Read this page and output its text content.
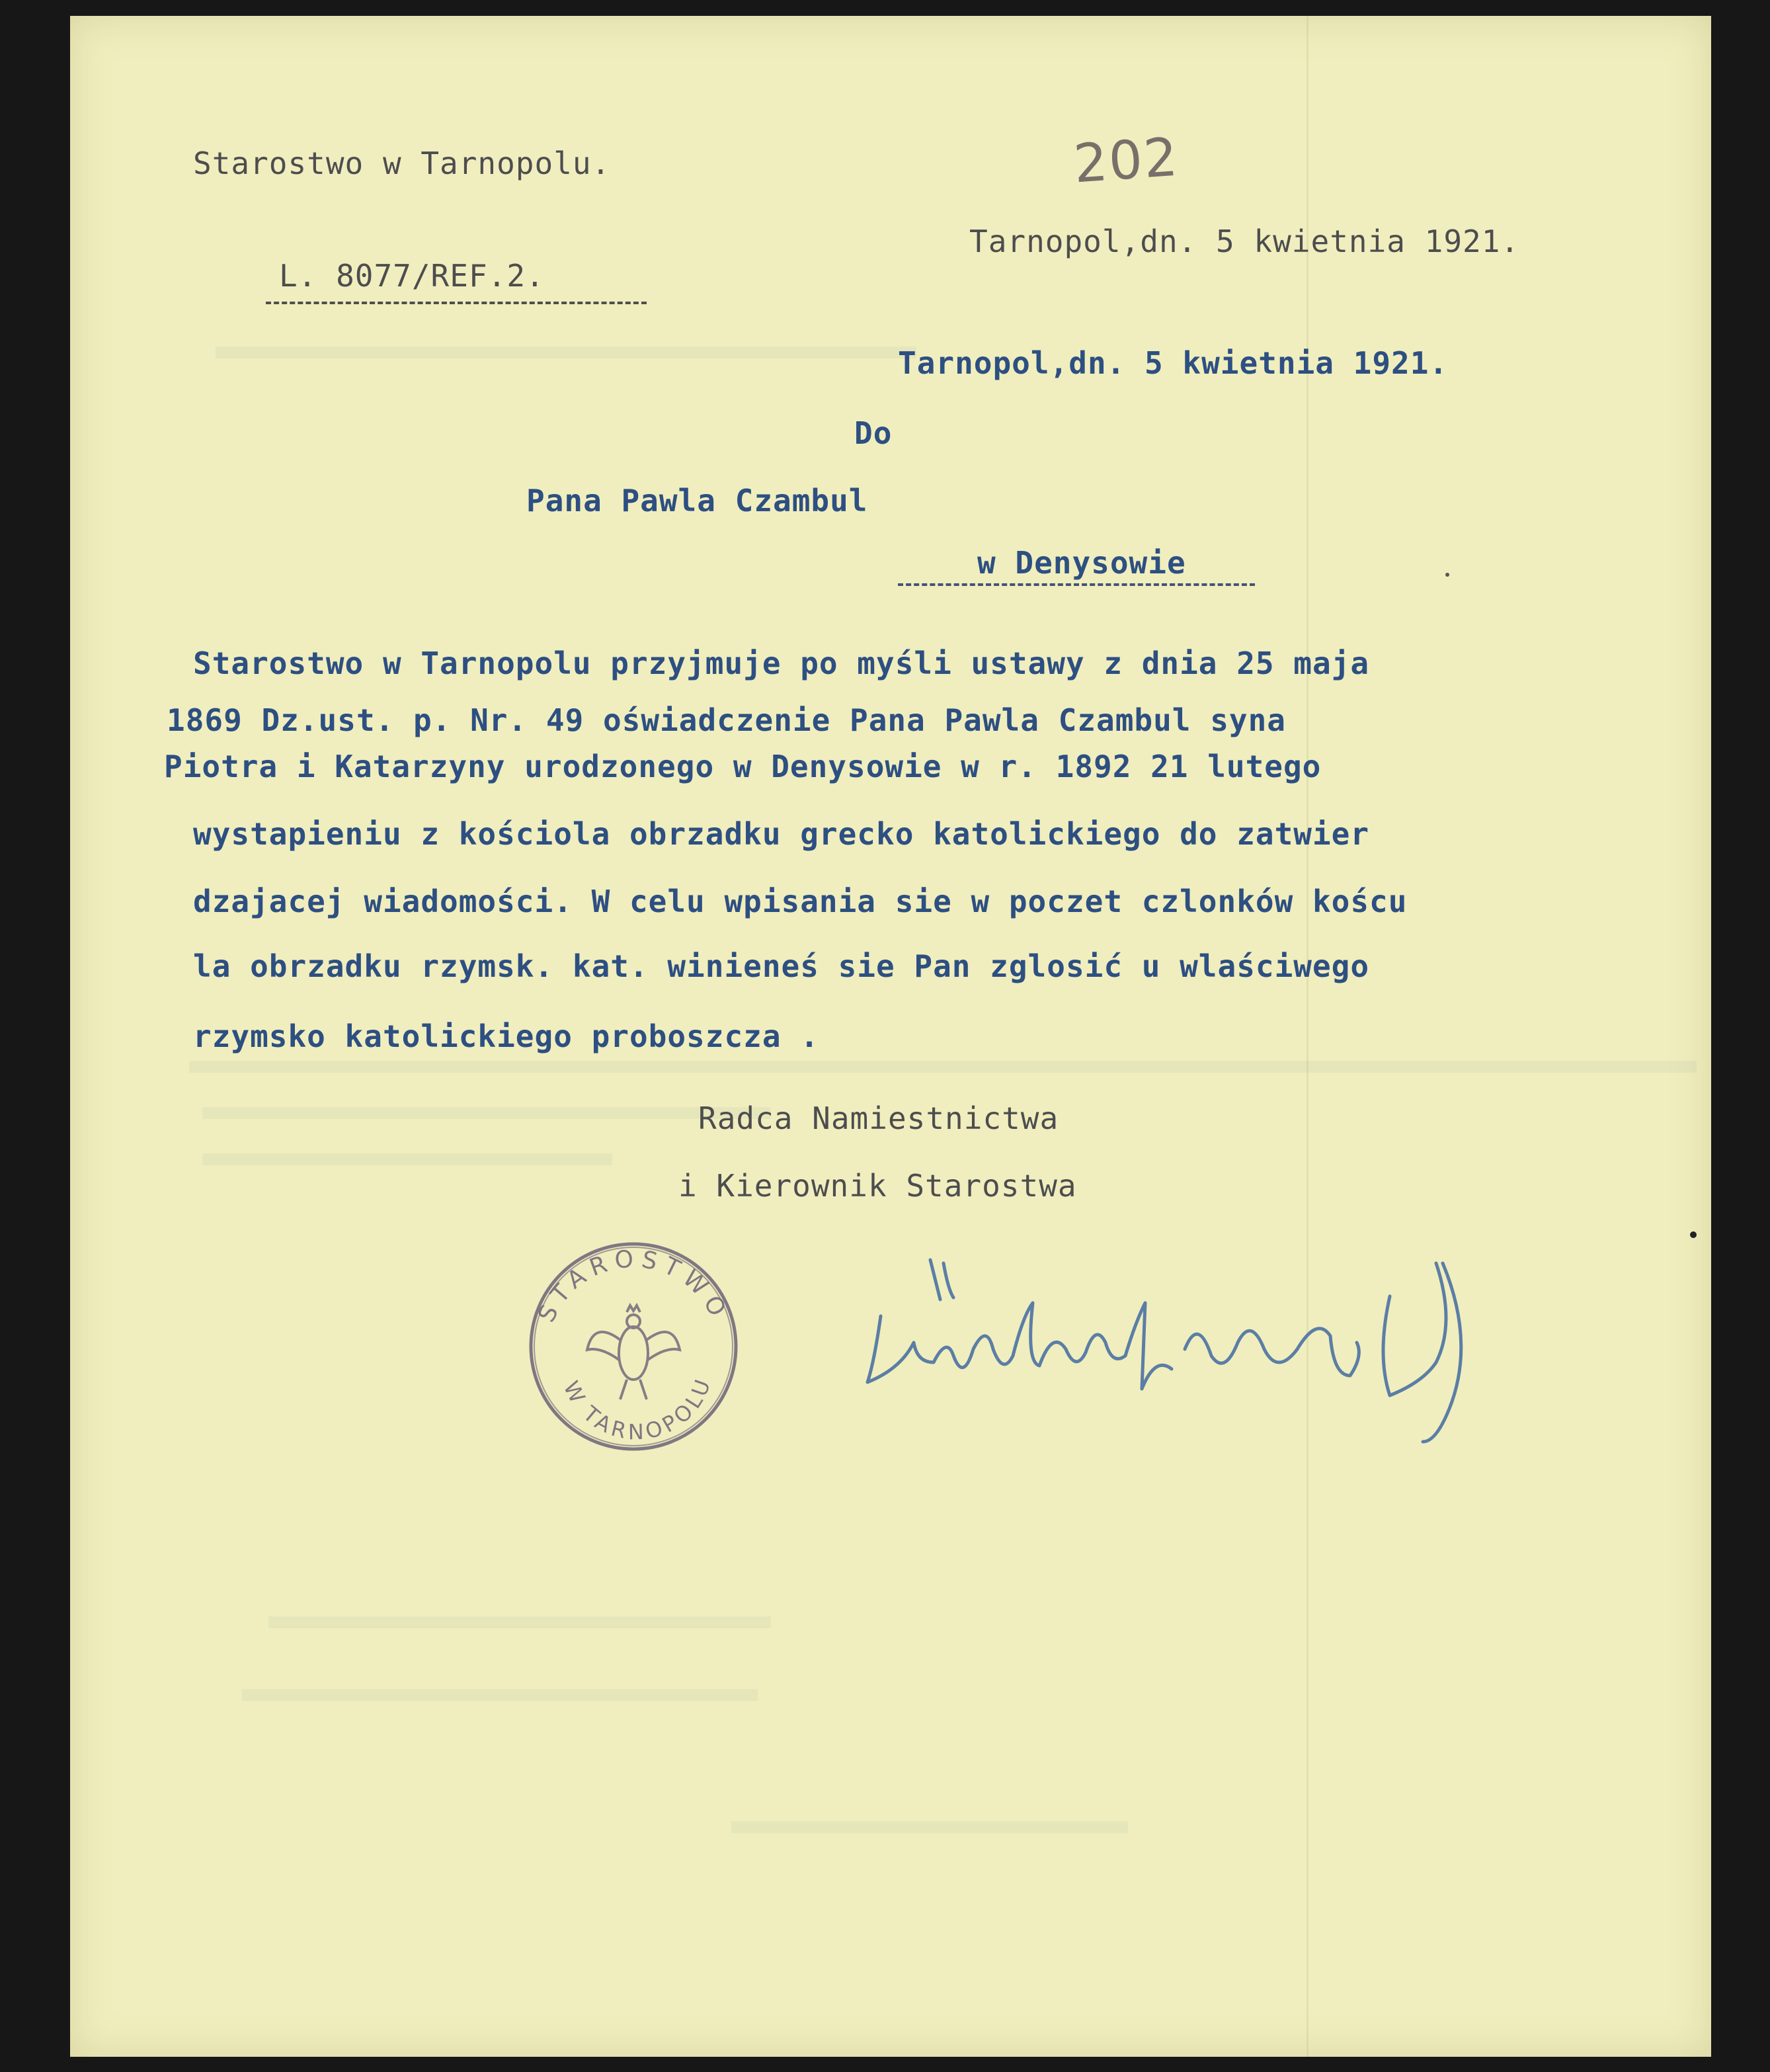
202
Starostwo w Tarnopolu.
Tarnopol,dn. 5 kwietnia 1921.
L. 8077/REF.2.
Tarnopol,dn. 5 kwietnia 1921.
Do
Pana Pawla Czambul
w Denysowie
Starostwo w Tarnopolu przyjmuje po myśli ustawy z dnia 25 maja
1869 Dz.ust. p. Nr. 49 oświadczenie Pana Pawla Czambul syna
Piotra i Katarzyny urodzonego w Denysowie w r. 1892 21 lutego
wystapieniu z kościola obrzadku grecko katolickiego do zatwier
dzajacej wiadomości. W celu wpisania sie w poczet czlonków koścu
la obrzadku rzymsk. kat. winieneś sie Pan zglosić u wlaściwego
rzymsko katolickiego proboszcza .
Radca Namiestnictwa
i Kierownik Starostwa
STAROSTWO
W TARNOPOLU
